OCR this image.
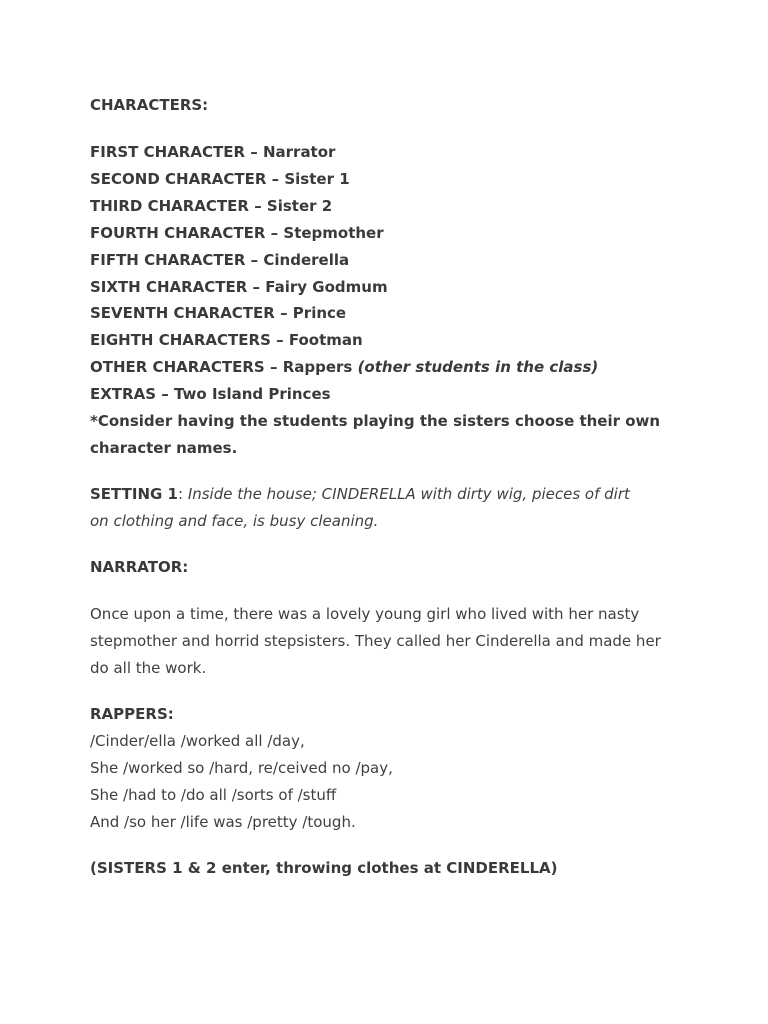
CHARACTERS:
FIRST CHARACTER – Narrator
SECOND CHARACTER – Sister 1
THIRD CHARACTER – Sister 2
FOURTH CHARACTER – Stepmother
FIFTH CHARACTER – Cinderella
SIXTH CHARACTER – Fairy Godmum
SEVENTH CHARACTER – Prince
EIGHTH CHARACTERS – Footman
OTHER CHARACTERS – Rappers (other students in the class)
EXTRAS – Two Island Princes
*Consider having the students playing the sisters choose their own
character names.
SETTING 1: Inside the house; CINDERELLA with dirty wig, pieces of dirt
on clothing and face, is busy cleaning.
NARRATOR:
Once upon a time, there was a lovely young girl who lived with her nasty
stepmother and horrid stepsisters. They called her Cinderella and made her
do all the work.
RAPPERS:
/Cinder/ella /worked all /day,
She /worked so /hard, re/ceived no /pay,
She /had to /do all /sorts of /stuff
And /so her /life was /pretty /tough.
(SISTERS 1 & 2 enter, throwing clothes at CINDERELLA)
